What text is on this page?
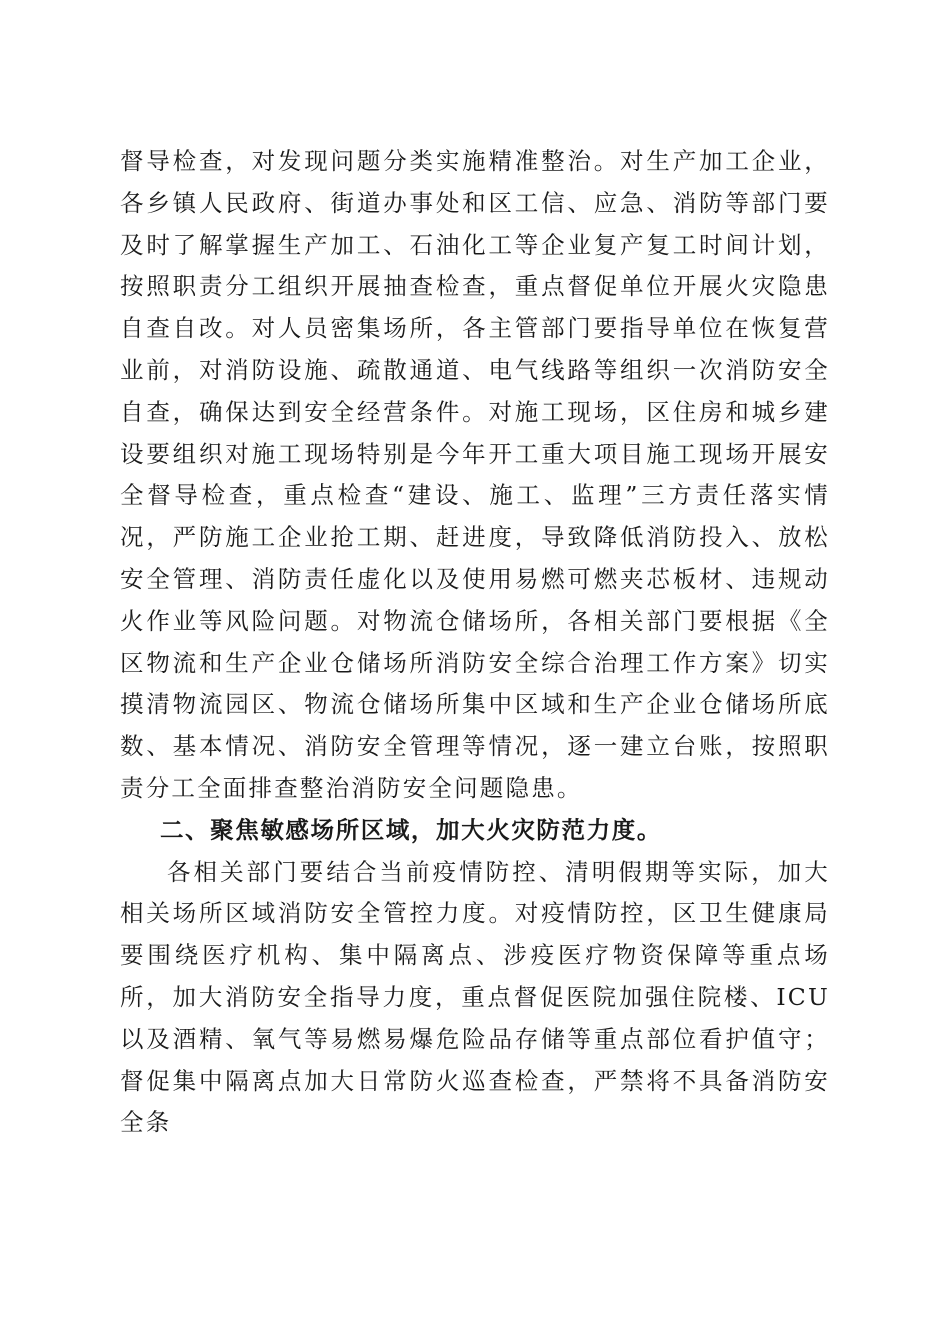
督导检查，对发现问题分类实施精准整治。对生产加工企业，各乡镇人民政府、街道办事处和区工信、应急、消防等部门要及时了解掌握生产加工、石油化工等企业复产复工时间计划，按照职责分工组织开展抽查检查，重点督促单位开展火灾隐患自查自改。对人员密集场所，各主管部门要指导单位在恢复营业前，对消防设施、疏散通道、电气线路等组织一次消防安全自查，确保达到安全经营条件。对施工现场，区住房和城乡建设要组织对施工现场特别是今年开工重大项目施工现场开展安全督导检查，重点检查“建设、施工、监理”三方责任落实情况，严防施工企业抢工期、赶进度，导致降低消防投入、放松安全管理、消防责任虚化以及使用易燃可燃夹芯板材、违规动火作业等风险问题。对物流仓储场所，各相关部门要根据《全区物流和生产企业仓储场所消防安全综合治理工作方案》切实摸清物流园区、物流仓储场所集中区域和生产企业仓储场所底数、基本情况、消防安全管理等情况，逐一建立台账，按照职责分工全面排查整治消防安全问题隐患。

二、聚焦敏感场所区域，加大火灾防范力度。

各相关部门要结合当前疫情防控、清明假期等实际，加大相关场所区域消防安全管控力度。对疫情防控，区卫生健康局要围绕医疗机构、集中隔离点、涉疫医疗物资保障等重点场所，加大消防安全指导力度，重点督促医院加强住院楼、ICU以及酒精、氧气等易燃易爆危险品存储等重点部位看护值守；督促集中隔离点加大日常防火巡查检查，严禁将不具备消防安全条
